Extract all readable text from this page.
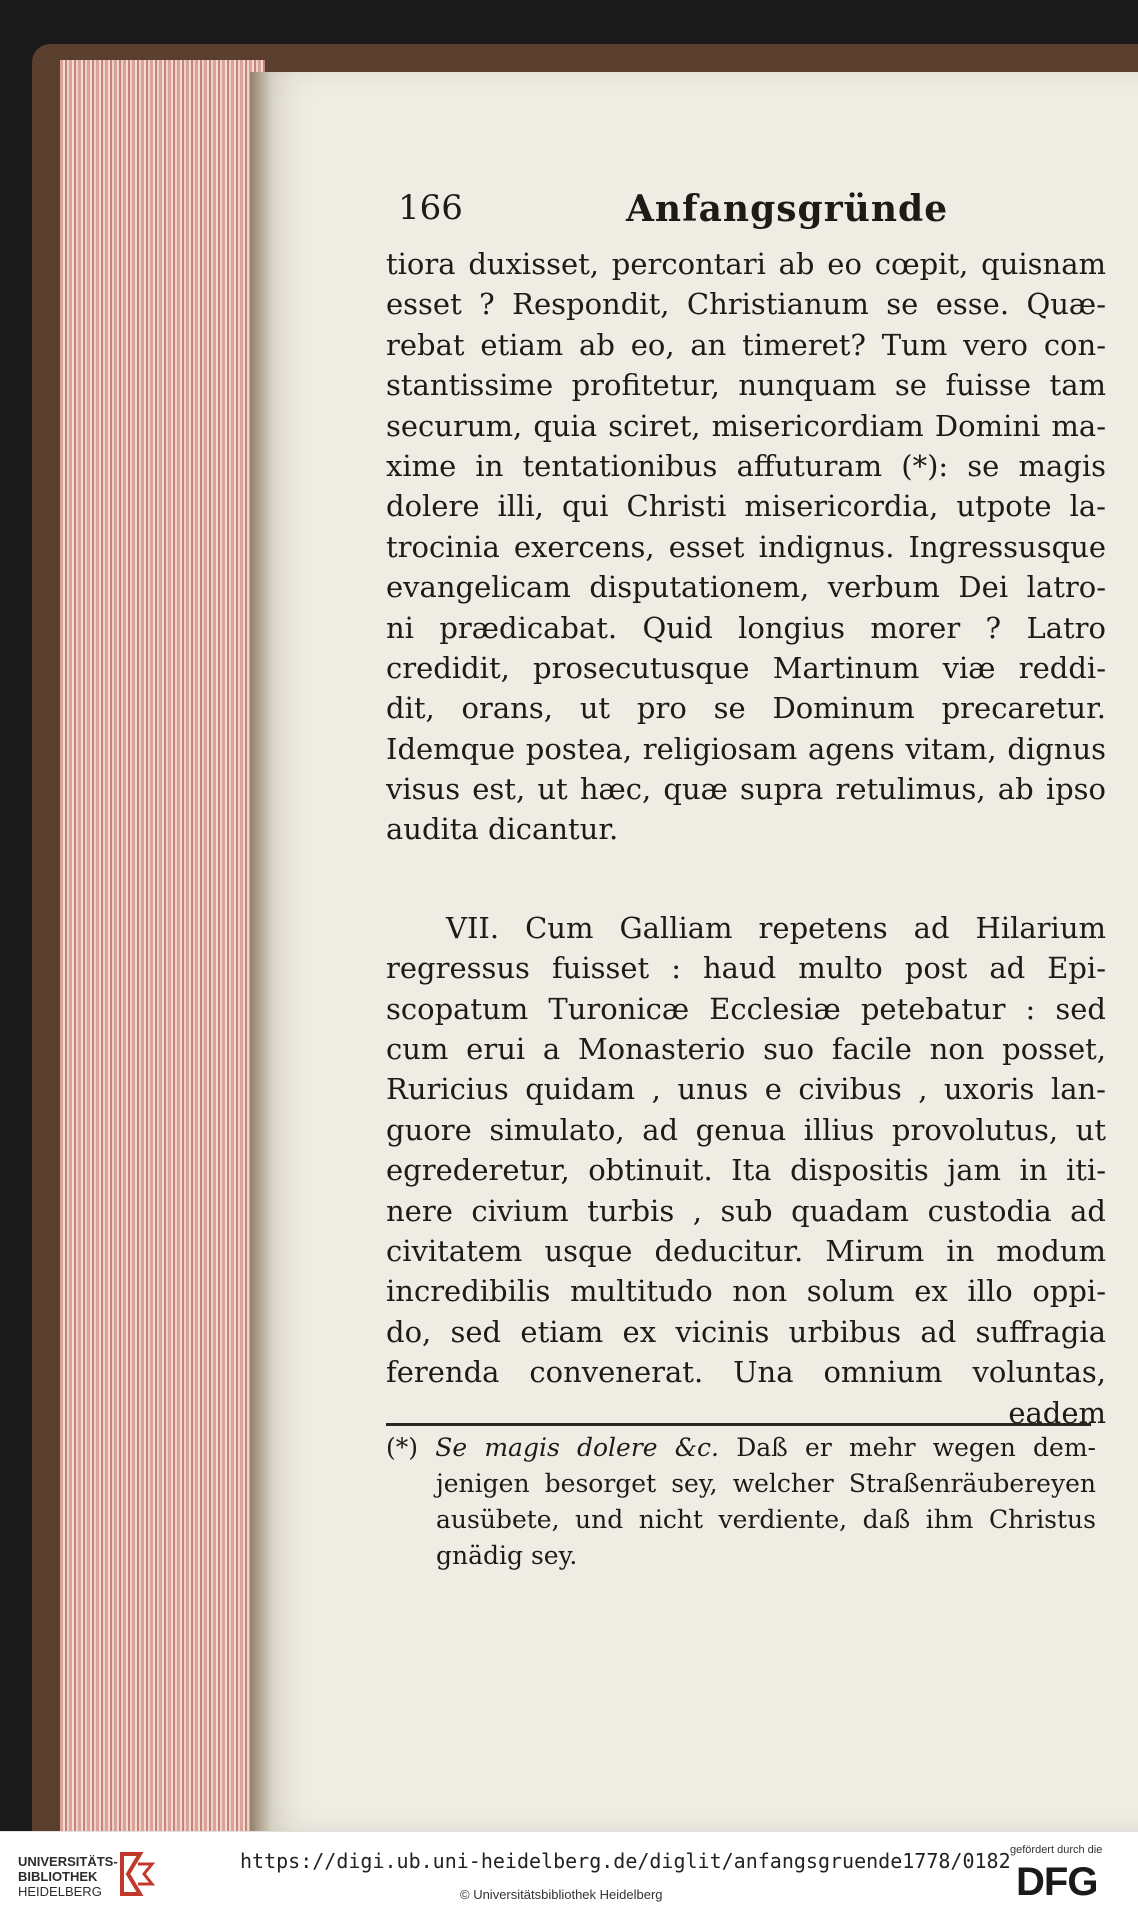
166	Anfangsgründe
tiora duxisset, percontari ab eo cœpit, quisnam
esset ? Respondit, Christianum se esse. Quæ-
rebat etiam ab eo, an timeret? Tum vero con-
stantissime profitetur, nunquam se fuisse tam
securum, quia sciret, misericordiam Domini ma-
xime in tentationibus affuturam (*): se magis
dolere illi, qui Christi misericordia, utpote la-
trocinia exercens, esset indignus. Ingressusque
evangelicam disputationem, verbum Dei latro-
ni prædicabat. Quid longius morer ? Latro
credidit, prosecutusque Martinum viæ reddi-
dit, orans, ut pro se Dominum precaretur.
Idemque postea, religiosam agens vitam, dignus
visus est, ut hæc, quæ supra retulimus, ab ipso
audita dicantur.
VII. Cum Galliam repetens ad Hilarium
regressus fuisset : haud multo post ad Epi-
scopatum Turonicæ Ecclesiæ petebatur : sed
cum erui a Monasterio suo facile non posset,
Ruricius quidam , unus e civibus , uxoris lan-
guore simulato, ad genua illius provolutus, ut
egrederetur, obtinuit. Ita dispositis jam in iti-
nere civium turbis , sub quadam custodia ad
civitatem usque deducitur. Mirum in modum
incredibilis multitudo non solum ex illo oppi-
do, sed etiam ex vicinis urbibus ad suffragia
ferenda convenerat. Una omnium voluntas,
eadem
(*) Se magis dolere &c. Daß er mehr wegen dem-
jenigen besorget sey, welcher Straßenräubereyen
ausübete, und nicht verdiente, daß ihm Christus
gnädig sey.
UNIVERSITÄTS-
BIBLIOTHEK
HEIDELBERG
https://digi.ub.uni-heidelberg.de/diglit/anfangsgruende1778/0182
© Universitätsbibliothek Heidelberg
gefördert durch die
DFG
